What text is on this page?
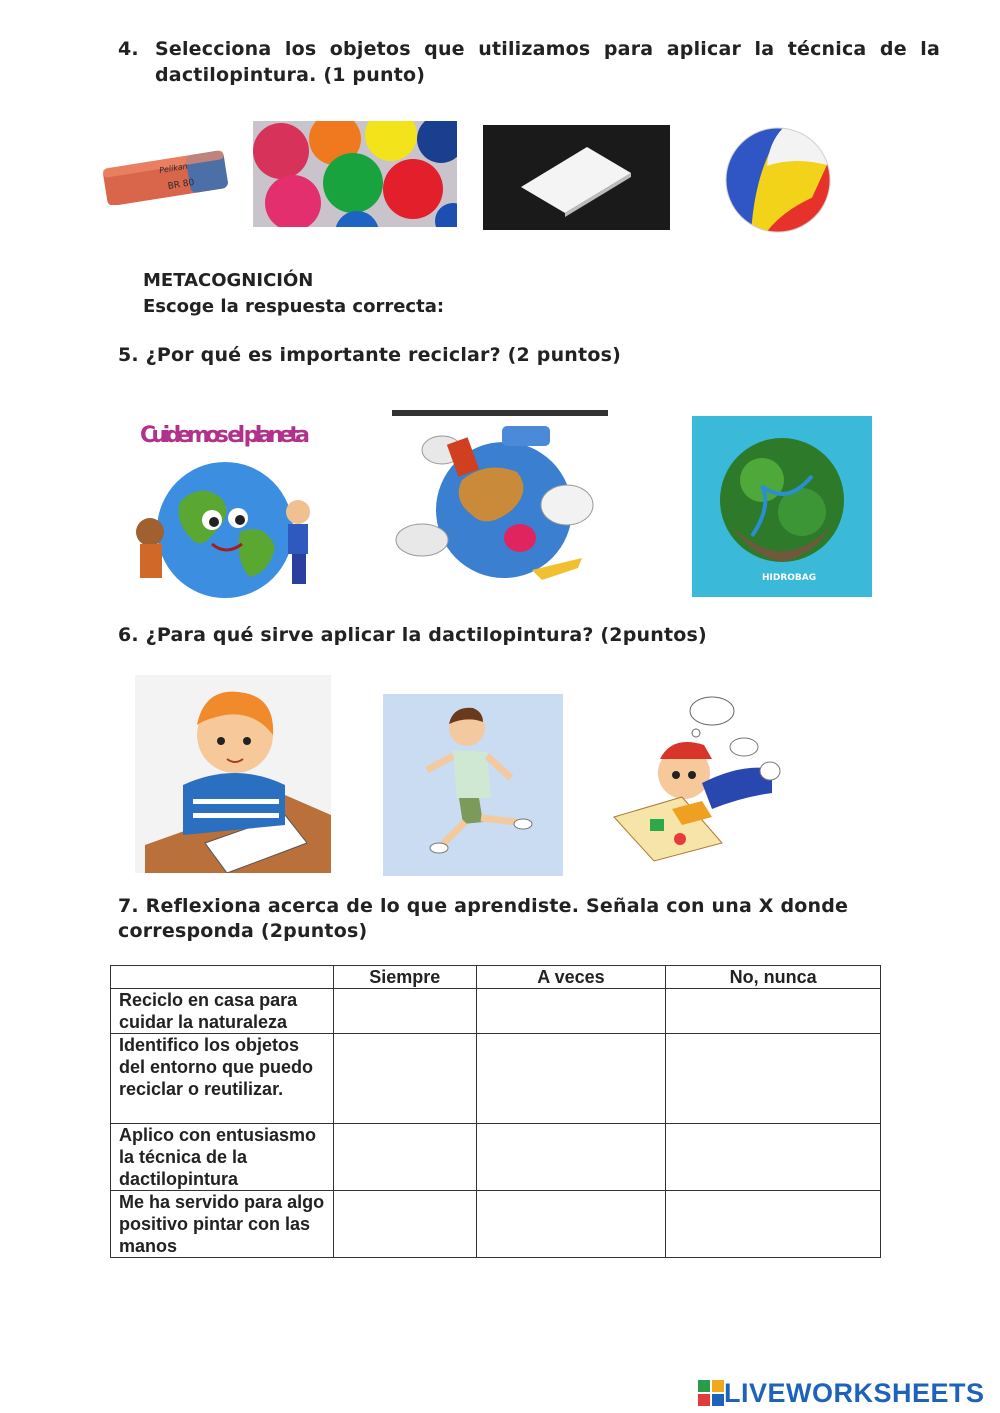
4. Selecciona los objetos que utilizamos para aplicar la técnica de la dactilopintura. (1 punto)
Pelikan
BR 80
METACOGNICIÓN
Escoge la respuesta correcta:
5. ¿Por qué es importante reciclar? (2 puntos)
Cuidemos el planeta
HIDROBAG
6. ¿Para qué sirve aplicar la dactilopintura? (2puntos)
7. Reflexiona acerca de lo que aprendiste. Señala con una X donde corresponda (2puntos)
	Siempre	A veces	No, nunca
Reciclo en casa para cuidar la naturaleza			
Identifico los objetos del entorno que puedo reciclar o reutilizar.			
Aplico con entusiasmo la técnica de la dactilopintura			
Me ha servido para algo positivo pintar con las manos			
LIVE LIVEWORKSHEETS
